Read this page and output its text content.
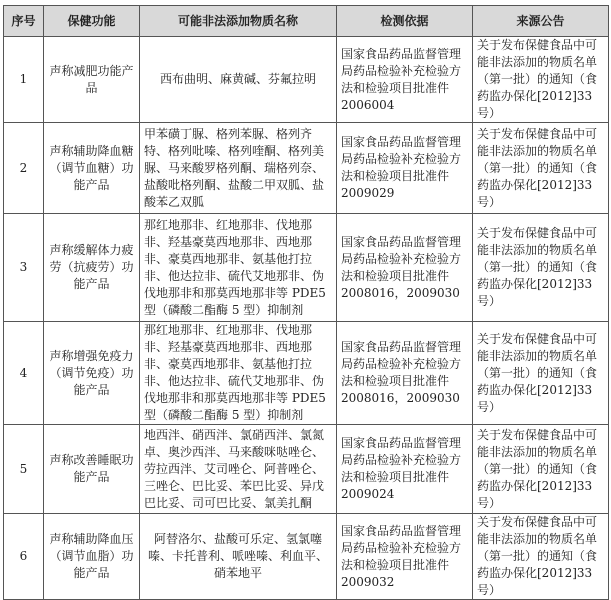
序号	保健功能	可能非法添加物质名称	检测依据	来源公告
1	声称减肥功能产品	西布曲明、麻黄碱、芬氟拉明	国家食品药品监督管理局药品检验补充检验方法和检验项目批准件 2006004	关于发布保健食品中可能非法添加的物质名单（第一批）的通知（食药监办保化[2012]33 号）
2	声称辅助降血糖（调节血糖）功能产品	甲苯磺丁脲、格列苯脲、格列齐特、格列吡嗪、格列喹酮、格列美脲、马来酸罗格列酮、瑞格列奈、盐酸吡格列酮、盐酸二甲双胍、盐酸苯乙双胍	国家食品药品监督管理局药品检验补充检验方法和检验项目批准件 2009029	关于发布保健食品中可能非法添加的物质名单（第一批）的通知（食药监办保化[2012]33 号）
3	声称缓解体力疲劳（抗疲劳）功能产品	那红地那非、红地那非、伐地那非、羟基豪莫西地那非、西地那非、豪莫西地那非、氨基他打拉非、他达拉非、硫代艾地那非、伪伐地那非和那莫西地那非等 PDE5 型（磷酸二酯酶 5 型）抑制剂	国家食品药品监督管理局药品检验补充检验方法和检验项目批准件 2008016，2009030	关于发布保健食品中可能非法添加的物质名单（第一批）的通知（食药监办保化[2012]33 号）
4	声称增强免疫力（调节免疫）功能产品	那红地那非、红地那非、伐地那非、羟基豪莫西地那非、西地那非、豪莫西地那非、氨基他打拉非、他达拉非、硫代艾地那非、伪伐地那非和那莫西地那非等 PDE5 型（磷酸二酯酶 5 型）抑制剂	国家食品药品监督管理局药品检验补充检验方法和检验项目批准件 2008016，2009030	关于发布保健食品中可能非法添加的物质名单（第一批）的通知（食药监办保化[2012]33 号）
5	声称改善睡眠功能产品	地西泮、硝西泮、氯硝西泮、氯氮卓、奥沙西泮、马来酸咪哒唑仑、劳拉西泮、艾司唑仑、阿普唑仑、三唑仑、巴比妥、苯巴比妥、异戊巴比妥、司可巴比妥、氯美扎酮	国家食品药品监督管理局药品检验补充检验方法和检验项目批准件 2009024	关于发布保健食品中可能非法添加的物质名单（第一批）的通知（食药监办保化[2012]33 号）
6	声称辅助降血压（调节血脂）功能产品	阿替洛尔、盐酸可乐定、氢氯噻嗪、卡托普利、哌唑嗪、利血平、硝苯地平	国家食品药品监督管理局药品检验补充检验方法和检验项目批准件 2009032	关于发布保健食品中可能非法添加的物质名单（第一批）的通知（食药监办保化[2012]33 号）
